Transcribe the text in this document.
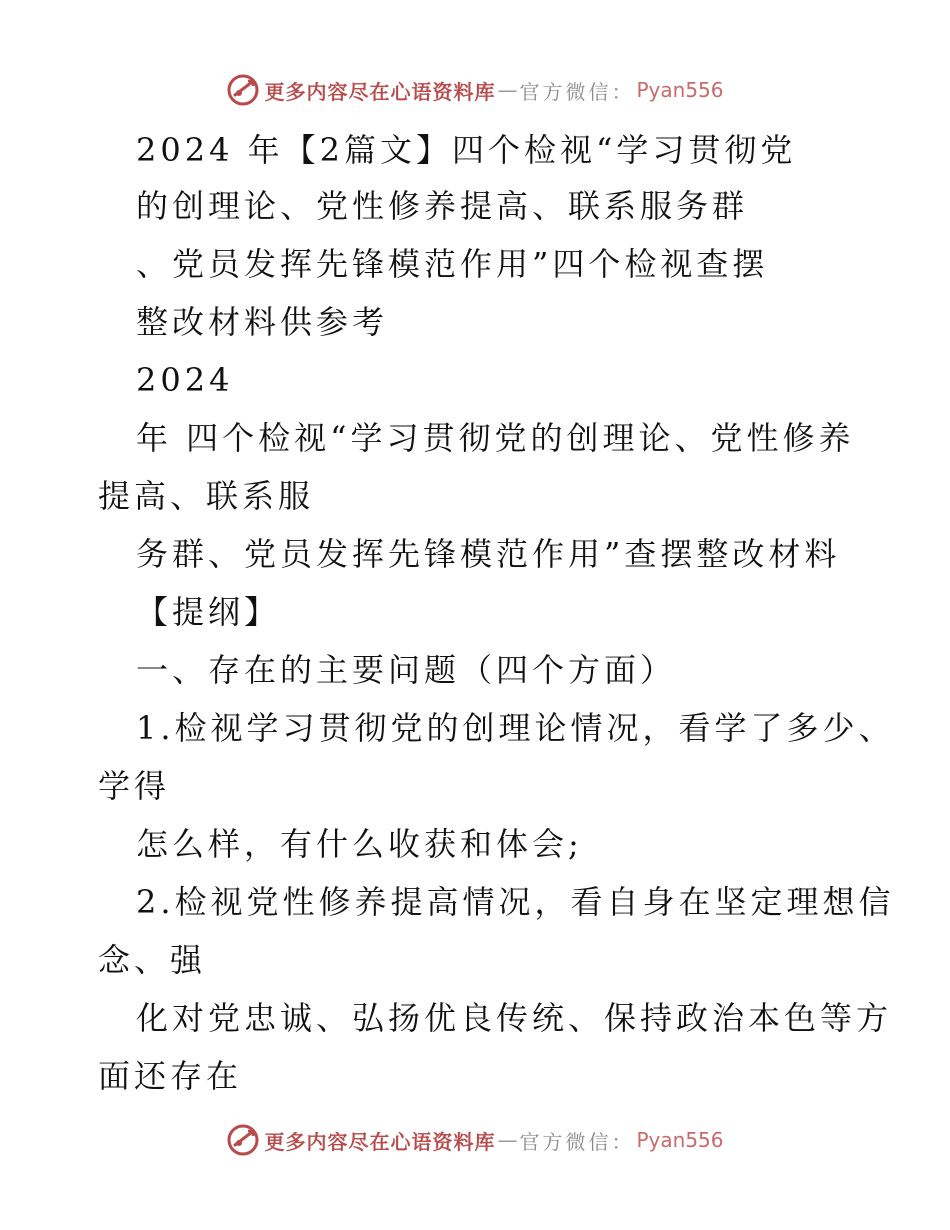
更多内容尽在心语资料库 — 官方微信： Pyan556
2024 年【2篇文】四个检视“学习贯彻党
的创理论、党性修养提高、联系服务群
、党员发挥先锋模范作用”四个检视查摆
整改材料供参考
2024
年 四个检视“学习贯彻党的创理论、党性修养
提高、联系服
务群、党员发挥先锋模范作用”查摆整改材料
【提纲】
一、存在的主要问题（四个方面）
1.检视学习贯彻党的创理论情况，看学了多少、
学得
怎么样，有什么收获和体会;
2.检视党性修养提高情况，看自身在坚定理想信
念、强
化对党忠诚、弘扬优良传统、保持政治本色等方
面还存在
更多内容尽在心语资料库 — 官方微信： Pyan556
